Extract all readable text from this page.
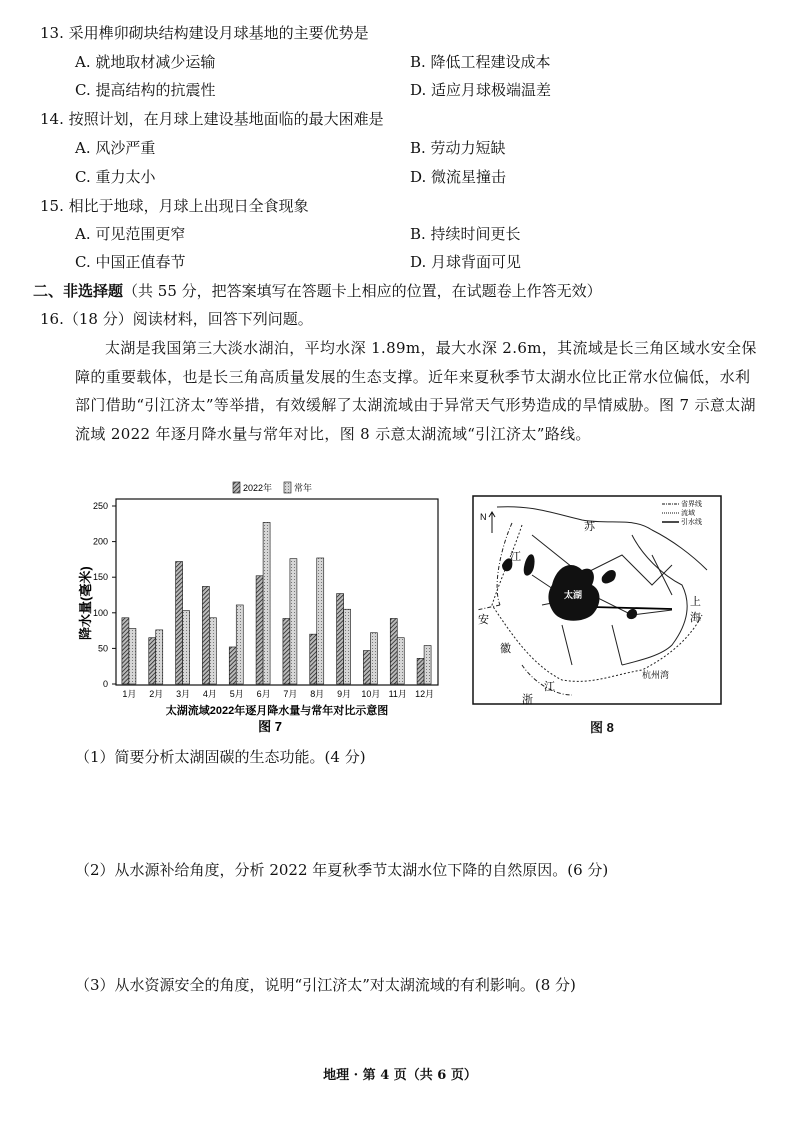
13. 采用榫卯砌块结构建设月球基地的主要优势是
A. 就地取材减少运输	B. 降低工程建设成本
C. 提高结构的抗震性	D. 适应月球极端温差
14. 按照计划，在月球上建设基地面临的最大困难是
A. 风沙严重	B. 劳动力短缺
C. 重力太小	D. 微流星撞击
15. 相比于地球，月球上出现日全食现象
A. 可见范围更窄	B. 持续时间更长
C. 中国正值春节	D. 月球背面可见
二、非选择题（共 55 分，把答案填写在答题卡上相应的位置，在试题卷上作答无效）
16.（18 分）阅读材料，回答下列问题。
太湖是我国第三大淡水湖泊，平均水深 1.89m，最大水深 2.6m，其流域是长三角区域水安全保障的重要载体，也是长三角高质量发展的生态支撑。近年来夏秋季节太湖水位比正常水位偏低，水利部门借助“引江济太”等举措，有效缓解了太湖流域由于异常天气形势造成的旱情威胁。图 7 示意太湖流域 2022 年逐月降水量与常年对比，图 8 示意太湖流域“引江济太”路线。
0
50
100
150
200
250
1月 2月 3月 4月 5月 6月 7月 8月 9月 10月 11月 12月
2022年 常年
降水量(毫米)
太湖流域2022年逐月降水量与常年对比示意图
图 7
太湖
N
省界线
流域
引水线
苏
江
安
徽
江
浙
上
海
杭州湾
图 8
（1）简要分析太湖固碳的生态功能。(4 分)
（2）从水源补给角度，分析 2022 年夏秋季节太湖水位下降的自然原因。(6 分)
（3）从水资源安全的角度，说明“引江济太”对太湖流域的有利影响。(8 分)
地理 · 第 4 页（共 6 页）
